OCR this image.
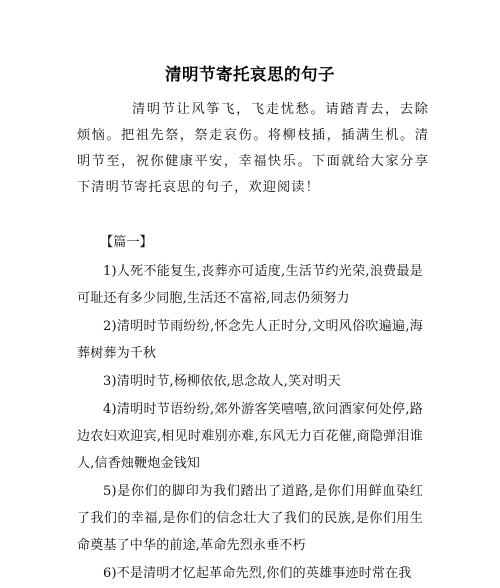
清明节寄托哀思的句子

清明节让风筝飞，飞走忧愁。请踏青去，去除烦恼。把祖先祭，祭走哀伤。将柳枝插，插满生机。清明节至，祝你健康平安，幸福快乐。下面就给大家分享下清明节寄托哀思的句子，欢迎阅读！

【篇一】

1)人死不能复生,丧葬亦可适度,生活节约光荣,浪费最是可耻还有多少同胞,生活还不富裕,同志仍须努力

2)清明时节雨纷纷,怀念先人正时分,文明风俗吹遍遍,海葬树葬为千秋

3)清明时节,杨柳依依,思念故人,笑对明天

4)清明时节语纷纷,郊外游客笑嘻嘻,欲问酒家何处停,路边农妇欢迎宾,相见时难别亦难,东风无力百花催,商隐弹泪谁人,信香烛鞭炮金钱知

5)是你们的脚印为我们踏出了道路,是你们用鲜血染红了我们的幸福,是你们的信念壮大了我们的民族,是你们用生命奠基了中华的前途,革命先烈永垂不朽

6)不是清明才忆起革命先烈,你们的英雄事迹时常在我
